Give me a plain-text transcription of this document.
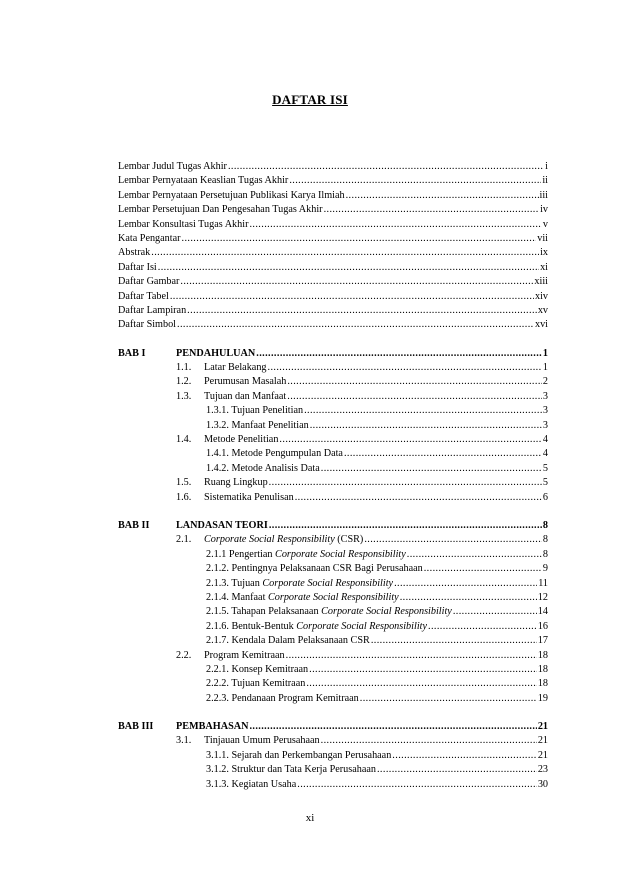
DAFTAR ISI
Lembar Judul Tugas Akhir .....	i
Lembar Pernyataan Keaslian Tugas Akhir .....	ii
Lembar Pernyataan Persetujuan Publikasi Karya Ilmiah .....	iii
Lembar Persetujuan Dan Pengesahan Tugas Akhir .....	iv
Lembar Konsultasi Tugas Akhir .....	v
Kata Pengantar .....	vii
Abstrak .....	ix
Daftar Isi .....	xi
Daftar Gambar .....	xiii
Daftar Tabel .....	xiv
Daftar Lampiran .....	xv
Daftar Simbol .....	xvi
BAB I	PENDAHULUAN .....	1
1.1.	Latar Belakang .....	1
1.2.	Perumusan Masalah .....	2
1.3.	Tujuan dan Manfaat .....	3
1.3.1. Tujuan Penelitian .....	3
1.3.2. Manfaat Penelitian .....	3
1.4.	Metode Penelitian .....	4
1.4.1. Metode Pengumpulan Data .....	4
1.4.2. Metode Analisis Data .....	5
1.5.	Ruang Lingkup .....	5
1.6.	Sistematika Penulisan .....	6
BAB II	LANDASAN TEORI .....	8
2.1.	Corporate Social Responsibility (CSR) .....	8
2.1.1 Pengertian Corporate Social Responsibility .....	8
2.1.2. Pentingnya Pelaksanaan CSR Bagi Perusahaan .....	9
2.1.3. Tujuan Corporate Social Responsibility .....	11
2.1.4. Manfaat Corporate Social Responsibility .....	12
2.1.5. Tahapan Pelaksanaan Corporate Social Responsibility .....	14
2.1.6. Bentuk-Bentuk Corporate Social Responsibility .....	16
2.1.7. Kendala Dalam Pelaksanaan CSR .....	17
2.2.	Program Kemitraan .....	18
2.2.1. Konsep Kemitraan .....	18
2.2.2. Tujuan Kemitraan .....	18
2.2.3. Pendanaan Program Kemitraan .....	19
BAB III	PEMBAHASAN .....	21
3.1.	Tinjauan Umum Perusahaan .....	21
3.1.1. Sejarah dan Perkembangan Perusahaan .....	21
3.1.2. Struktur dan Tata Kerja Perusahaan .....	23
3.1.3. Kegiatan Usaha .....	30
xi
